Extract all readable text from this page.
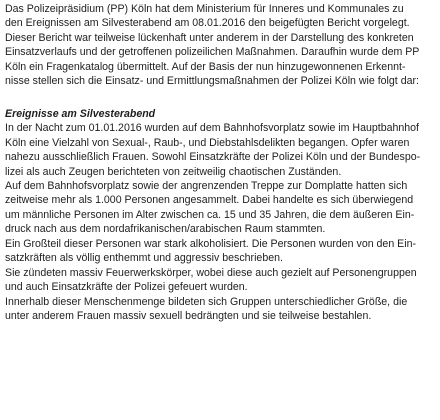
Das Polizeipräsidium (PP) Köln hat dem Ministerium für Inneres und Kommunales zu
den Ereignissen am Silvesterabend am 08.01.2016 den beigefügten Bericht vorgelegt.
Dieser Bericht war teilweise lückenhaft unter anderem in der Darstellung des konkreten
Einsatzverlaufs und der getroffenen polizeilichen Maßnahmen. Daraufhin wurde dem PP
Köln ein Fragenkatalog übermittelt. Auf der Basis der nun hinzugewonnenen Erkennt-
nisse stellen sich die Einsatz- und Ermittlungsmaßnahmen der Polizei Köln wie folgt dar:
Ereignisse am Silvesterabend
In der Nacht zum 01.01.2016 wurden auf dem Bahnhofsvorplatz sowie im Hauptbahnhof
Köln eine Vielzahl von Sexual-, Raub-, und Diebstahlsdelikten begangen. Opfer waren
nahezu ausschließlich Frauen. Sowohl Einsatzkräfte der Polizei Köln und der Bundespo-
lizei als auch Zeugen berichteten von zeitweilig chaotischen Zuständen.
Auf dem Bahnhofsvorplatz sowie der angrenzenden Treppe zur Domplatte hatten sich
zeitweise mehr als 1.000 Personen angesammelt. Dabei handelte es sich überwiegend
um männliche Personen im Alter zwischen ca. 15 und 35 Jahren, die dem äußeren Ein-
druck nach aus dem nordafrikanischen/arabischen Raum stammten.
Ein Großteil dieser Personen war stark alkoholisiert. Die Personen wurden von den Ein-
satzkräften als völlig enthemmt und aggressiv beschrieben.
Sie zündeten massiv Feuerwerkskörper, wobei diese auch gezielt auf Personengruppen
und auch Einsatzkräfte der Polizei gefeuert wurden.
Innerhalb dieser Menschenmenge bildeten sich Gruppen unterschiedlicher Größe, die
unter anderem Frauen massiv sexuell bedrängten und sie teilweise bestahlen.
